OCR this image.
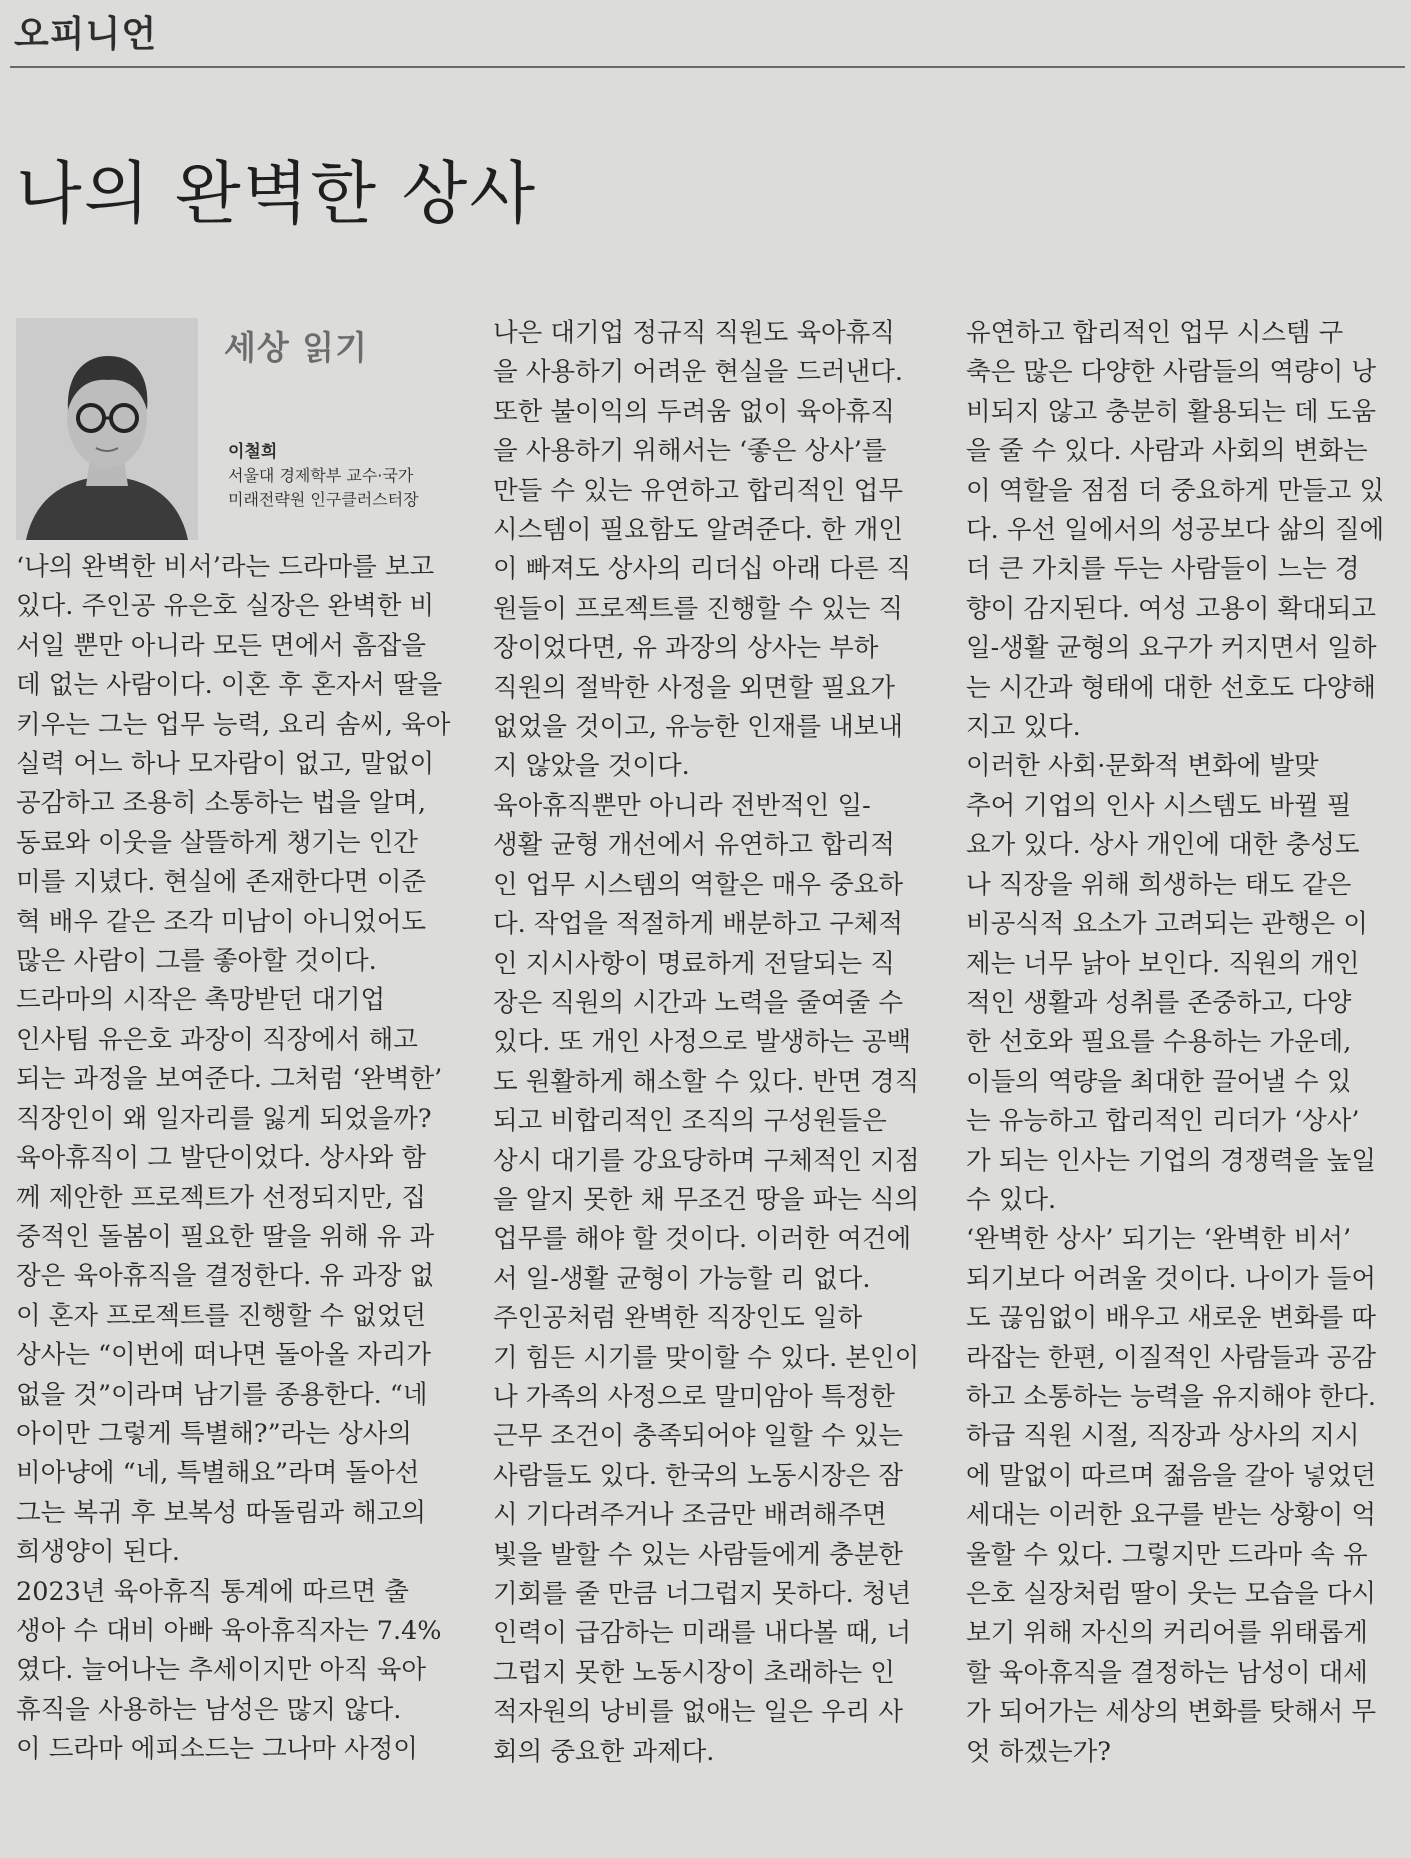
오피니언
나의 완벽한 상사
세상 읽기
이철희
서울대 경제학부 교수·국가
미래전략원 인구클러스터장
‘나의 완벽한 비서’라는 드라마를 보고
있다. 주인공 유은호 실장은 완벽한 비
서일 뿐만 아니라 모든 면에서 흠잡을
데 없는 사람이다. 이혼 후 혼자서 딸을
키우는 그는 업무 능력, 요리 솜씨, 육아
실력 어느 하나 모자람이 없고, 말없이
공감하고 조용히 소통하는 법을 알며,
동료와 이웃을 살뜰하게 챙기는 인간
미를 지녔다. 현실에 존재한다면 이준
혁 배우 같은 조각 미남이 아니었어도
많은 사람이 그를 좋아할 것이다.
드라마의 시작은 촉망받던 대기업
인사팀 유은호 과장이 직장에서 해고
되는 과정을 보여준다. 그처럼 ‘완벽한’
직장인이 왜 일자리를 잃게 되었을까?
육아휴직이 그 발단이었다. 상사와 함
께 제안한 프로젝트가 선정되지만, 집
중적인 돌봄이 필요한 딸을 위해 유 과
장은 육아휴직을 결정한다. 유 과장 없
이 혼자 프로젝트를 진행할 수 없었던
상사는 “이번에 떠나면 돌아올 자리가
없을 것”이라며 남기를 종용한다. “네
아이만 그렇게 특별해?”라는 상사의
비아냥에 “네, 특별해요”라며 돌아선
그는 복귀 후 보복성 따돌림과 해고의
희생양이 된다.
2023년 육아휴직 통계에 따르면 출
생아 수 대비 아빠 육아휴직자는 7.4%
였다. 늘어나는 추세이지만 아직 육아
휴직을 사용하는 남성은 많지 않다.
이 드라마 에피소드는 그나마 사정이
나은 대기업 정규직 직원도 육아휴직
을 사용하기 어려운 현실을 드러낸다.
또한 불이익의 두려움 없이 육아휴직
을 사용하기 위해서는 ‘좋은 상사’를
만들 수 있는 유연하고 합리적인 업무
시스템이 필요함도 알려준다. 한 개인
이 빠져도 상사의 리더십 아래 다른 직
원들이 프로젝트를 진행할 수 있는 직
장이었다면, 유 과장의 상사는 부하
직원의 절박한 사정을 외면할 필요가
없었을 것이고, 유능한 인재를 내보내
지 않았을 것이다.
육아휴직뿐만 아니라 전반적인 일-
생활 균형 개선에서 유연하고 합리적
인 업무 시스템의 역할은 매우 중요하
다. 작업을 적절하게 배분하고 구체적
인 지시사항이 명료하게 전달되는 직
장은 직원의 시간과 노력을 줄여줄 수
있다. 또 개인 사정으로 발생하는 공백
도 원활하게 해소할 수 있다. 반면 경직
되고 비합리적인 조직의 구성원들은
상시 대기를 강요당하며 구체적인 지점
을 알지 못한 채 무조건 땅을 파는 식의
업무를 해야 할 것이다. 이러한 여건에
서 일-생활 균형이 가능할 리 없다.
주인공처럼 완벽한 직장인도 일하
기 힘든 시기를 맞이할 수 있다. 본인이
나 가족의 사정으로 말미암아 특정한
근무 조건이 충족되어야 일할 수 있는
사람들도 있다. 한국의 노동시장은 잠
시 기다려주거나 조금만 배려해주면
빛을 발할 수 있는 사람들에게 충분한
기회를 줄 만큼 너그럽지 못하다. 청년
인력이 급감하는 미래를 내다볼 때, 너
그럽지 못한 노동시장이 초래하는 인
적자원의 낭비를 없애는 일은 우리 사
회의 중요한 과제다.
유연하고 합리적인 업무 시스템 구
축은 많은 다양한 사람들의 역량이 낭
비되지 않고 충분히 활용되는 데 도움
을 줄 수 있다. 사람과 사회의 변화는
이 역할을 점점 더 중요하게 만들고 있
다. 우선 일에서의 성공보다 삶의 질에
더 큰 가치를 두는 사람들이 느는 경
향이 감지된다. 여성 고용이 확대되고
일-생활 균형의 요구가 커지면서 일하
는 시간과 형태에 대한 선호도 다양해
지고 있다.
이러한 사회·문화적 변화에 발맞
추어 기업의 인사 시스템도 바뀔 필
요가 있다. 상사 개인에 대한 충성도
나 직장을 위해 희생하는 태도 같은
비공식적 요소가 고려되는 관행은 이
제는 너무 낡아 보인다. 직원의 개인
적인 생활과 성취를 존중하고, 다양
한 선호와 필요를 수용하는 가운데,
이들의 역량을 최대한 끌어낼 수 있
는 유능하고 합리적인 리더가 ‘상사’
가 되는 인사는 기업의 경쟁력을 높일
수 있다.
‘완벽한 상사’ 되기는 ‘완벽한 비서’
되기보다 어려울 것이다. 나이가 들어
도 끊임없이 배우고 새로운 변화를 따
라잡는 한편, 이질적인 사람들과 공감
하고 소통하는 능력을 유지해야 한다.
하급 직원 시절, 직장과 상사의 지시
에 말없이 따르며 젊음을 갈아 넣었던
세대는 이러한 요구를 받는 상황이 억
울할 수 있다. 그렇지만 드라마 속 유
은호 실장처럼 딸이 웃는 모습을 다시
보기 위해 자신의 커리어를 위태롭게
할 육아휴직을 결정하는 남성이 대세
가 되어가는 세상의 변화를 탓해서 무
엇 하겠는가?
